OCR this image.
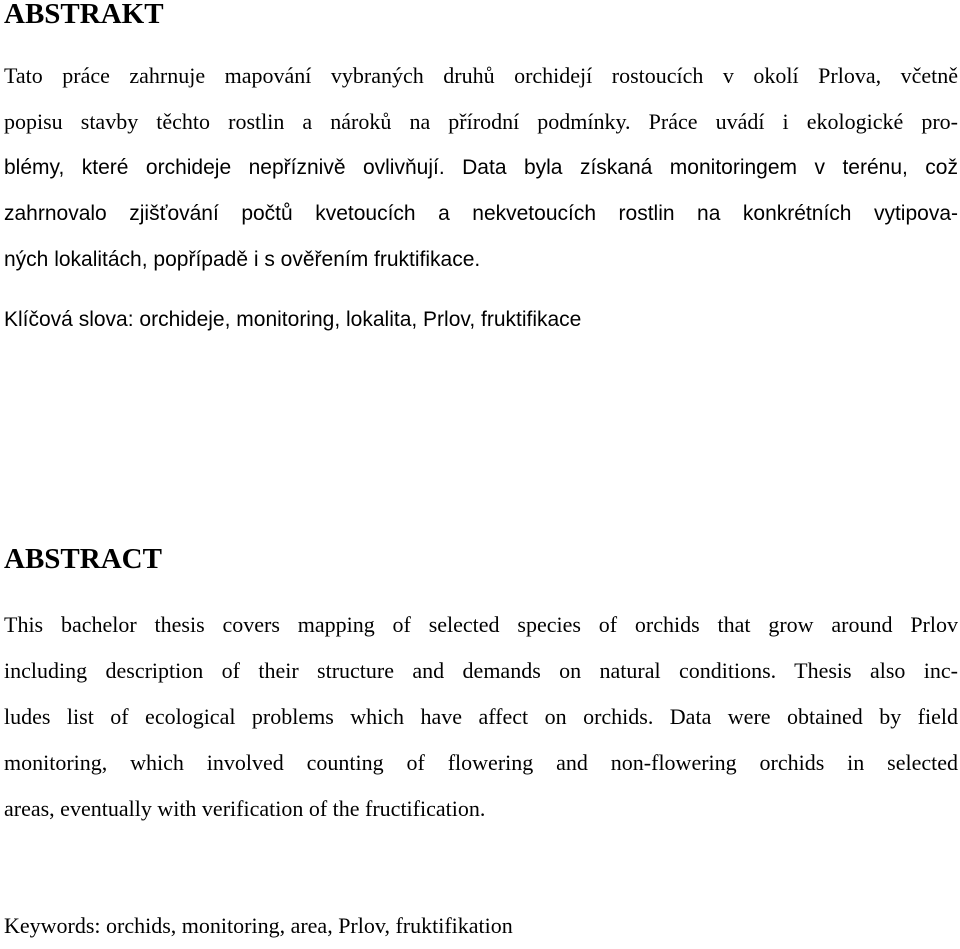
ABSTRAKT
Tato práce zahrnuje mapování vybraných druhů orchidejí rostoucích v okolí Prlova, včetně
popisu stavby těchto rostlin a nároků na přírodní podmínky. Práce uvádí i ekologické pro-
blémy, které orchideje nepříznivě ovlivňují. Data byla získaná monitoringem v terénu, což
zahrnovalo zjišťování počtů kvetoucích a nekvetoucích rostlin na konkrétních vytipova-
ných lokalitách, popřípadě i s ověřením fruktifikace.

Klíčová slova: orchideje, monitoring, lokalita, Prlov, fruktifikace

ABSTRACT
This bachelor thesis covers mapping of selected species of orchids that grow around Prlov
including description of their structure and demands on natural conditions. Thesis also inc-
ludes list of ecological problems which have affect on orchids. Data were obtained by field
monitoring, which involved counting of flowering and non-flowering orchids in selected
areas, eventually with verification of the fructification.

Keywords: orchids, monitoring, area, Prlov, fruktifikation
